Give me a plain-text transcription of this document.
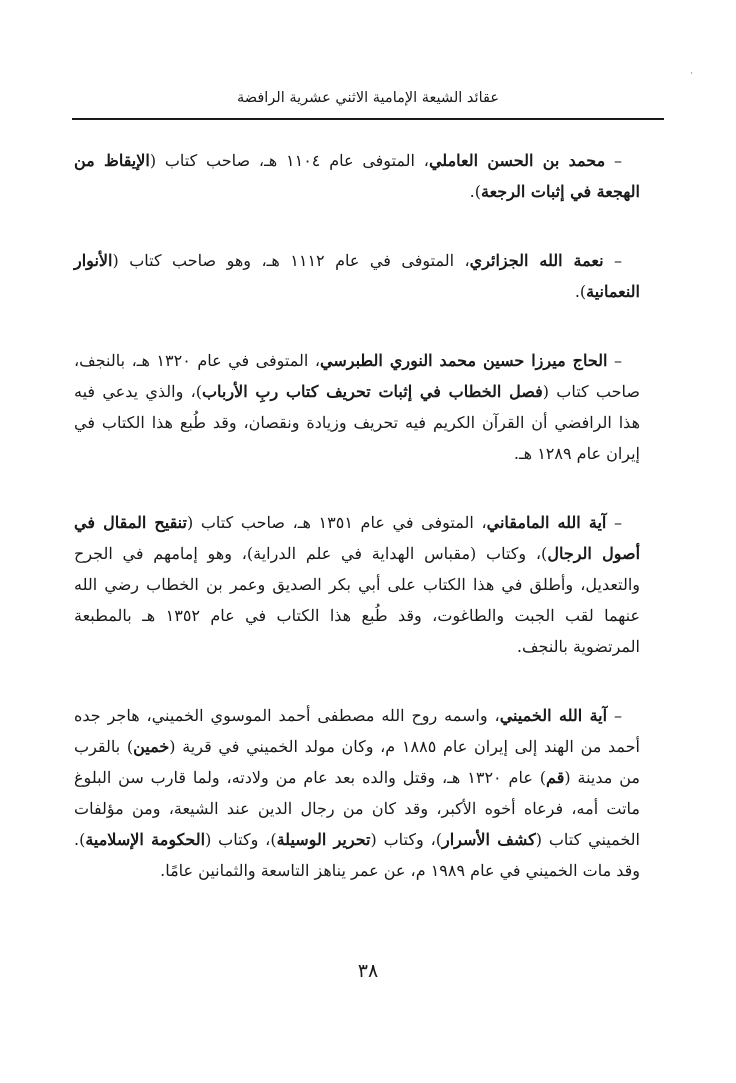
˙
عقائد الشيعة الإمامية الاثني عشرية الرافضة

– محمد بن الحسن العاملي، المتوفى عام ١١٠٤ هـ، صاحب كتاب (الإيقاظ من الهجعة في إثبات الرجعة).

– نعمة الله الجزائري، المتوفى في عام ١١١٢ هـ، وهو صاحب كتاب (الأنوار النعمانية).

– الحاج ميرزا حسين محمد النوري الطبرسي، المتوفى في عام ١٣٢٠ هـ، بالنجف، صاحب كتاب (فصل الخطاب في إثبات تحريف كتاب ربِ الأرباب)، والذي يدعي فيه هذا الرافضي أن القرآن الكريم فيه تحريف وزيادة ونقصان، وقد طُبع هذا الكتاب في إيران عام ١٢٨٩ هـ.

– آية الله المامقاني، المتوفى في عام ١٣٥١ هـ، صاحب كتاب (تنقيح المقال في أصول الرجال)، وكتاب (مقباس الهداية في علم الدراية)، وهو إمامهم في الجرح والتعديل، وأطلق في هذا الكتاب على أبي بكر الصديق وعمر بن الخطاب رضي الله عنهما لقب الجبت والطاغوت، وقد طُبع هذا الكتاب في عام ١٣٥٢ هـ بالمطبعة المرتضوية بالنجف.

– آية الله الخميني، واسمه روح الله مصطفى أحمد الموسوي الخميني، هاجر جده أحمد من الهند إلى إيران عام ١٨٨٥ م، وكان مولد الخميني في قرية (خمين) بالقرب من مدينة (قم) عام ١٣٢٠ هـ، وقتل والده بعد عام من ولادته، ولما قارب سن البلوغ ماتت أمه، فرعاه أخوه الأكبر، وقد كان من رجال الدين عند الشيعة، ومن مؤلفات الخميني كتاب (كشف الأسرار)، وكتاب (تحرير الوسيلة)، وكتاب (الحكومة الإسلامية). وقد مات الخميني في عام ١٩٨٩ م، عن عمر يناهز التاسعة والثمانين عامًا.

٣٨
